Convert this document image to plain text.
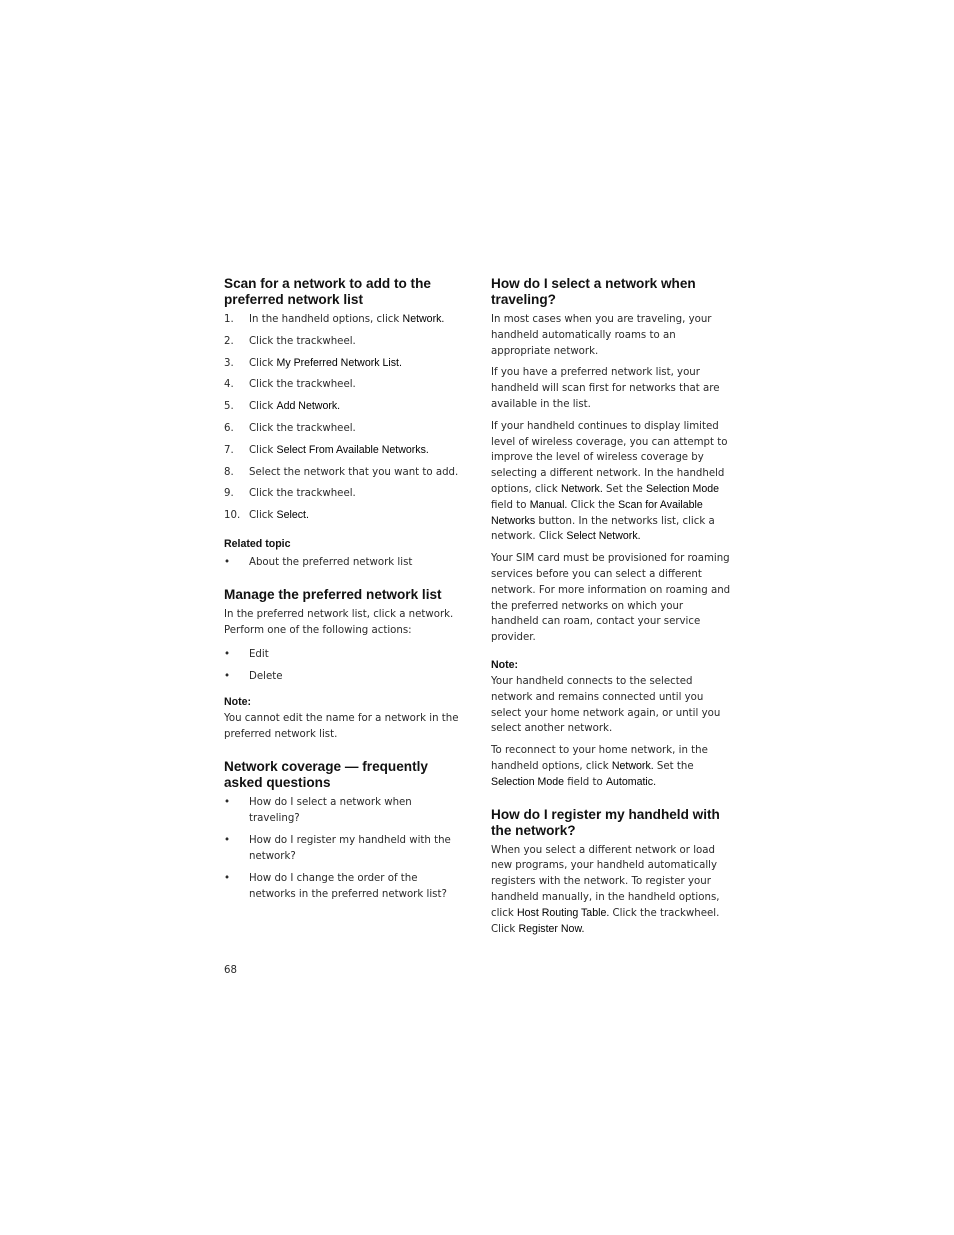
Scan for a network to add to the preferred network list
1.	In the handheld options, click Network.
2.	Click the trackwheel.
3.	Click My Preferred Network List.
4.	Click the trackwheel.
5.	Click Add Network.
6.	Click the trackwheel.
7.	Click Select From Available Networks.
8.	Select the network that you want to add.
9.	Click the trackwheel.
10. Click Select.
Related topic
•	About the preferred network list
Manage the preferred network list

In the preferred network list, click a network. Perform one of the following actions:

•	Edit
•	Delete
Note:

You cannot edit the name for a network in the preferred network list.

Network coverage — frequently asked questions
•	How do I select a network when traveling?
•	How do I register my handheld with the network?
•	How do I change the order of the networks in the preferred network list?
How do I select a network when traveling?

In most cases when you are traveling, your handheld automatically roams to an appropriate network.

If you have a preferred network list, your handheld will scan first for networks that are available in the list.

If your handheld continues to display limited level of wireless coverage, you can attempt to improve the level of wireless coverage by selecting a different network. In the handheld options, click Network. Set the Selection Mode field to Manual. Click the Scan for Available Networks button. In the networks list, click a network. Click Select Network.

Your SIM card must be provisioned for roaming services before you can select a different network. For more information on roaming and the preferred networks on which your handheld can roam, contact your service provider.

Note:

Your handheld connects to the selected network and remains connected until you select your home network again, or until you select another network.

To reconnect to your home network, in the handheld options, click Network. Set the Selection Mode field to Automatic.

How do I register my handheld with the network?

When you select a different network or load new programs, your handheld automatically registers with the network. To register your handheld manually, in the handheld options, click Host Routing Table. Click the trackwheel. Click Register Now.

68
